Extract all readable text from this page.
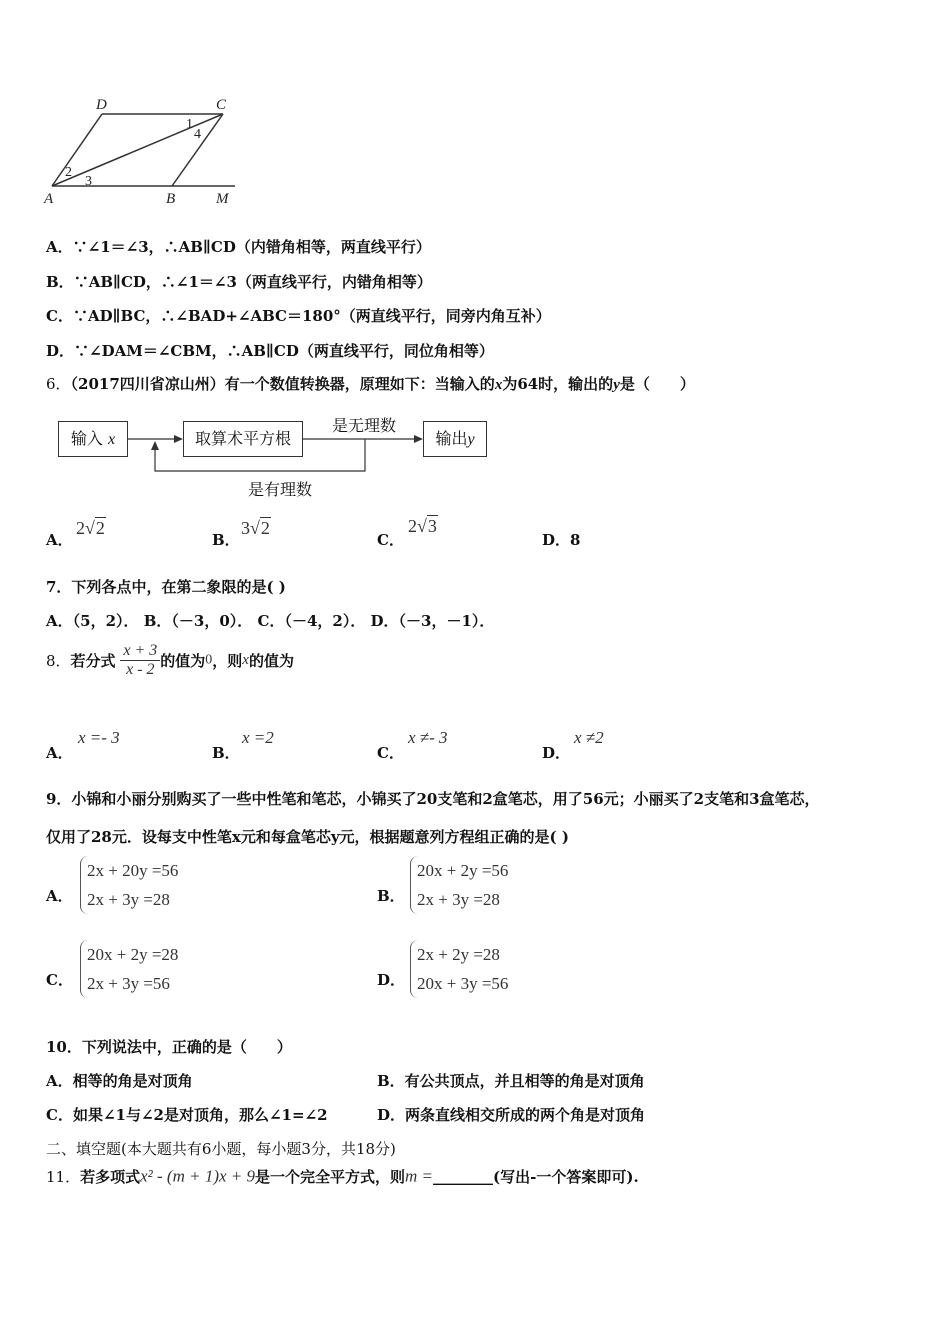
D	C
A	B	M
1
4
2
3
A．∵∠1＝∠3，∴AB∥CD（内错角相等，两直线平行）
B．∵AB∥CD，∴∠1＝∠3（两直线平行，内错角相等）
C．∵AD∥BC，∴∠BAD+∠ABC＝180°（两直线平行，同旁内角互补）
D．∵∠DAM＝∠CBM，∴AB∥CD（两直线平行，同位角相等）
6．（2017四川省凉山州）有一个数值转换器，原理如下：当输入的x为64时，输出的y是（　　）
输入 x	取算术平方根	输出y
是无理数
是有理数
A．
2√2
B．
3√2
C．
2√3
D．8
7．下列各点中，在第二象限的是( )
A．（5，2）． B．（－3，0）． C．（－4，2）． D．（－3，－1）．
8．若分式 $\frac{x + 3}{x - 2}$ 的值为0，则x的值为
A．
x =- 3
B．
x =2
C．
x ≠- 3
D．
x ≠2
9．小锦和小丽分别购买了一些中性笔和笔芯，小锦买了20支笔和2盒笔芯，用了56元；小丽买了2支笔和3盒笔芯，
仅用了28元．设每支中性笔x元和每盒笔芯y元，根据题意列方程组正确的是( )
A．
2x + 20y =56
2x + 3y =28	B．
20x + 2y =56
2x + 3y =28
C．
20x + 2y =28
2x + 3y =56	D．
2x + 2y =28
20x + 3y =56
10．下列说法中，正确的是（　　）
A．相等的角是对顶角	B．有公共顶点，并且相等的角是对顶角
C．如果∠1与∠2是对顶角，那么∠1=∠2	D．两条直线相交所成的两个角是对顶角
二、填空题(本大题共有6小题，每小题3分，共18分)
11．若多项式x² - (m + 1)x + 9是一个完全平方式，则m =________(写出-一个答案即可).
